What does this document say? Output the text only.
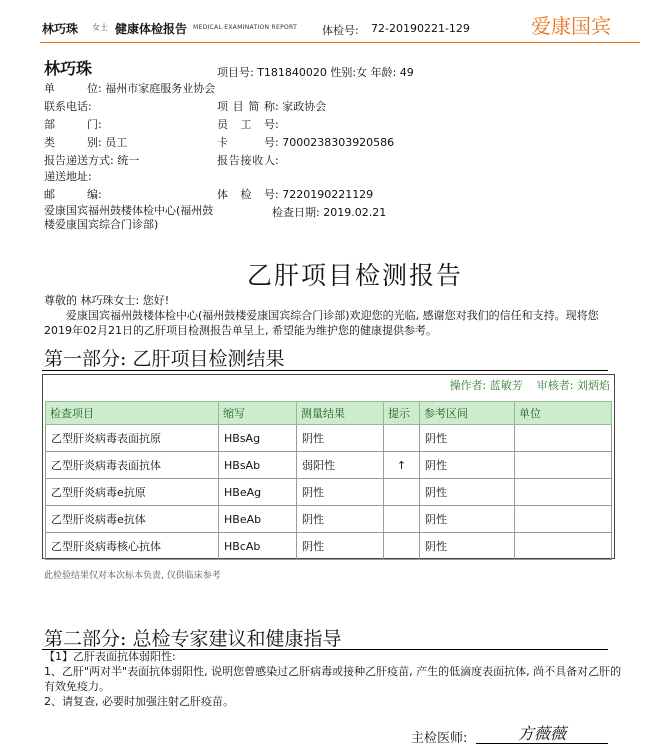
林巧珠 女士 健康体检报告 MEDICAL EXAMINATION REPORT 体检号: 72-20190221-129	爱康国宾
林巧珠	项目号: T181840020 性别:女 年龄: 49
单位: 福州市家庭服务业协会
联系电话:
部门:
类别: 员工
报告递送方式: 统一
递送地址:
邮编:
项目简称: 家政协会
员工号:
卡号: 7000238303920586
报告接收人:
体检号: 7220190221129
爱康国宾福州鼓楼体检中心(福州鼓楼爱康国宾综合门诊部)
检查日期: 2019.02.21
乙肝项目检测报告
尊敬的 林巧珠女士: 您好!
爱康国宾福州鼓楼体检中心(福州鼓楼爱康国宾综合门诊部)欢迎您的光临, 感谢您对我们的信任和支持。现将您2019年02月21日的乙肝项目检测报告单呈上, 希望能为维护您的健康提供参考。
第一部分: 乙肝项目检测结果
操作者: 蓝敏芳 审核者: 刘炳焰
检查项目	缩写	测量结果	提示	参考区间	单位
乙型肝炎病毒表面抗原	HBsAg	阴性		阴性	
乙型肝炎病毒表面抗体	HBsAb	弱阳性	↑	阴性	
乙型肝炎病毒e抗原	HBeAg	阴性		阴性	
乙型肝炎病毒e抗体	HBeAb	阴性		阴性	
乙型肝炎病毒核心抗体	HBcAb	阴性		阴性	
此检验结果仅对本次标本负责, 仅供临床参考
第二部分: 总检专家建议和健康指导
【1】乙肝表面抗体弱阳性:
1、乙肝"两对半"表面抗体弱阳性, 说明您曾感染过乙肝病毒或接种乙肝疫苗, 产生的低滴度表面抗体, 尚不具备对乙肝的有效免疫力。
2、请复查, 必要时加强注射乙肝疫苗。
主检医师:	方薇薇
